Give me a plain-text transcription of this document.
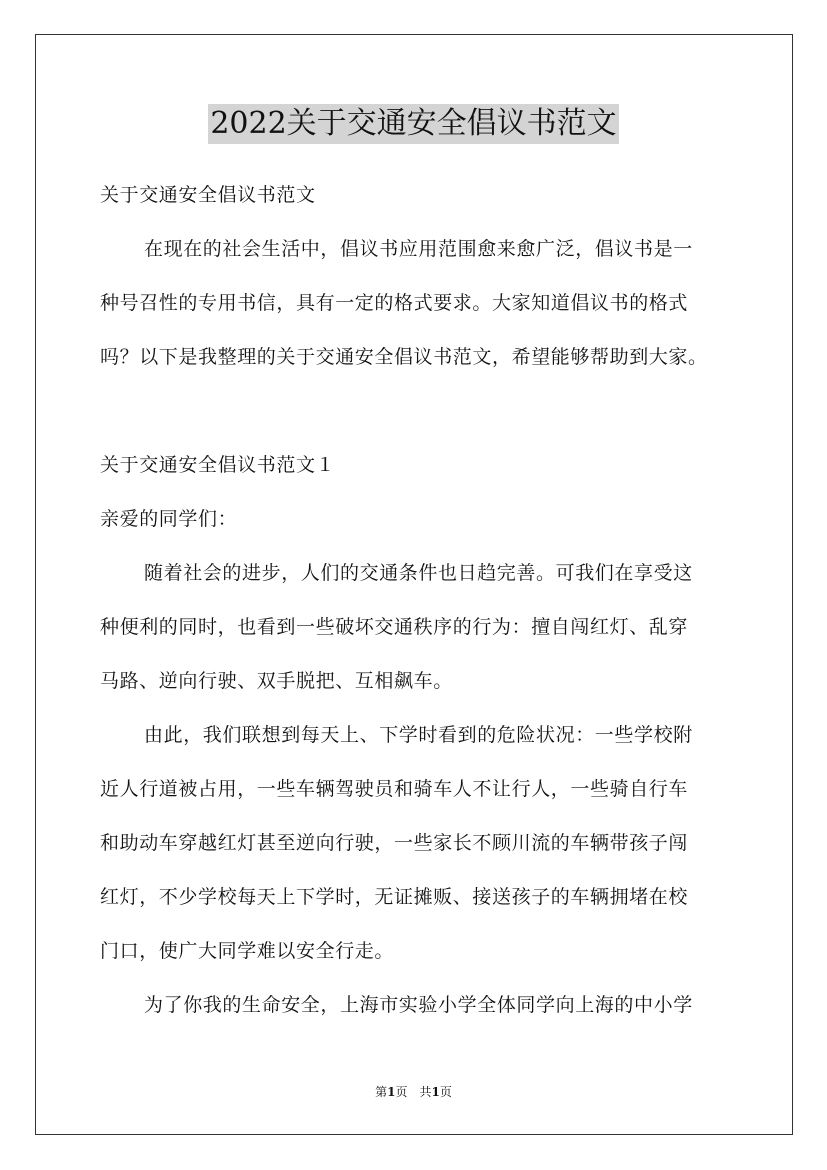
2022关于交通安全倡议书范文
关于交通安全倡议书范文
在现在的社会生活中，倡议书应用范围愈来愈广泛，倡议书是一
种号召性的专用书信，具有一定的格式要求。大家知道倡议书的格式
吗？以下是我整理的关于交通安全倡议书范文，希望能够帮助到大家。
关于交通安全倡议书范文１
亲爱的同学们：
随着社会的进步，人们的交通条件也日趋完善。可我们在享受这
种便利的同时，也看到一些破坏交通秩序的行为：擅自闯红灯、乱穿
马路、逆向行驶、双手脱把、互相飙车。
由此，我们联想到每天上、下学时看到的危险状况：一些学校附
近人行道被占用，一些车辆驾驶员和骑车人不让行人，一些骑自行车
和助动车穿越红灯甚至逆向行驶，一些家长不顾川流的车辆带孩子闯
红灯，不少学校每天上下学时，无证摊贩、接送孩子的车辆拥堵在校
门口，使广大同学难以安全行走。
为了你我的生命安全，上海市实验小学全体同学向上海的中小学
第1页　共1页
